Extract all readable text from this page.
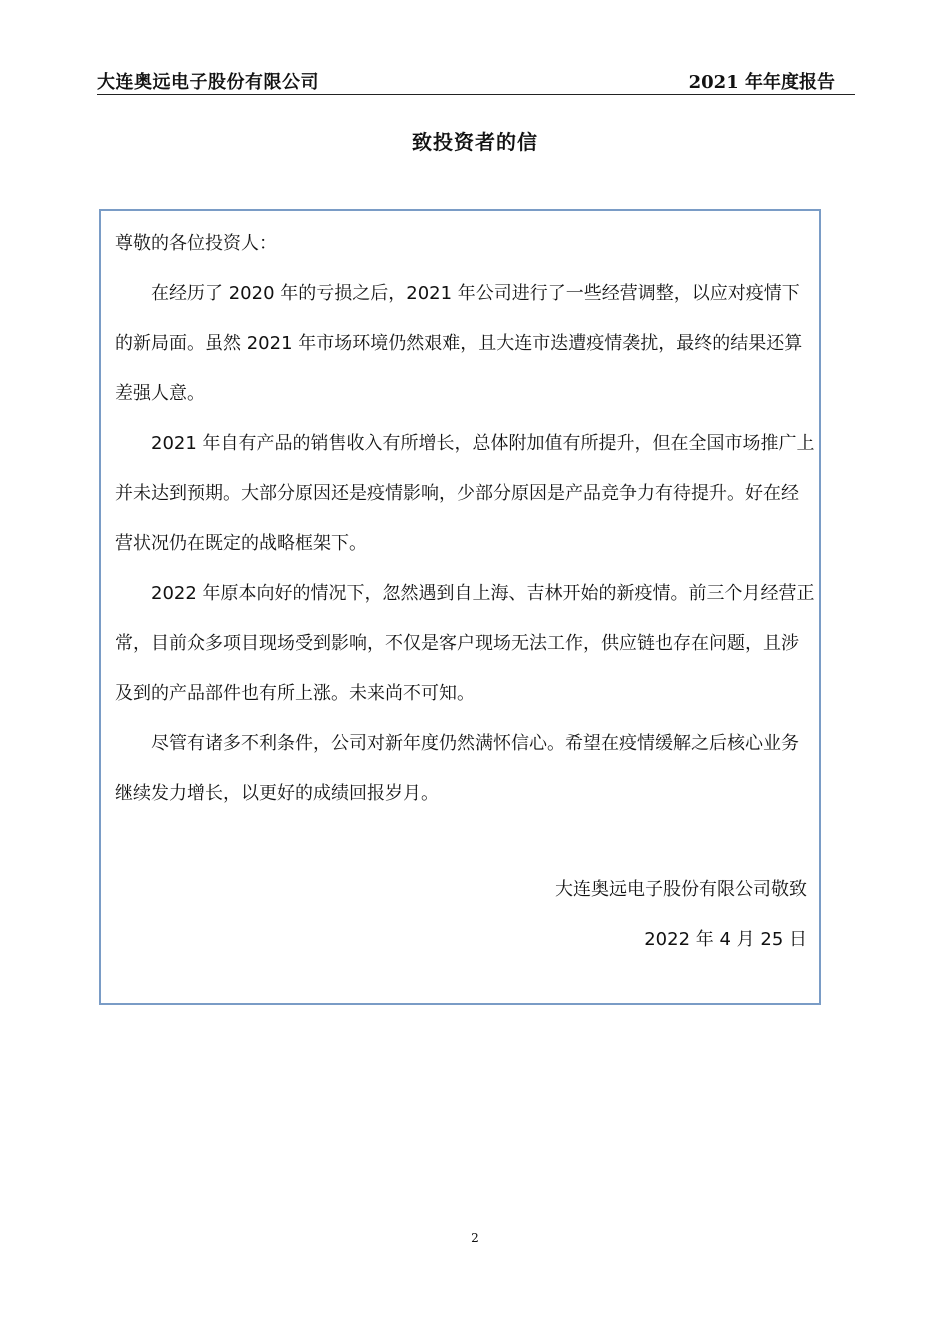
大连奥远电子股份有限公司	2021 年年度报告
致投资者的信
尊敬的各位投资人：

在经历了 2020 年的亏损之后，2021 年公司进行了一些经营调整，以应对疫情下的新局面。虽然 2021 年市场环境仍然艰难，且大连市迭遭疫情袭扰，最终的结果还算差强人意。

2021 年自有产品的销售收入有所增长，总体附加值有所提升，但在全国市场推广上并未达到预期。大部分原因还是疫情影响，少部分原因是产品竞争力有待提升。好在经营状况仍在既定的战略框架下。

2022 年原本向好的情况下，忽然遇到自上海、吉林开始的新疫情。前三个月经营正常，目前众多项目现场受到影响，不仅是客户现场无法工作，供应链也存在问题，且涉及到的产品部件也有所上涨。未来尚不可知。

尽管有诸多不利条件，公司对新年度仍然满怀信心。希望在疫情缓解之后核心业务继续发力增长，以更好的成绩回报岁月。

大连奥远电子股份有限公司敬致
2022 年 4 月 25 日
2
